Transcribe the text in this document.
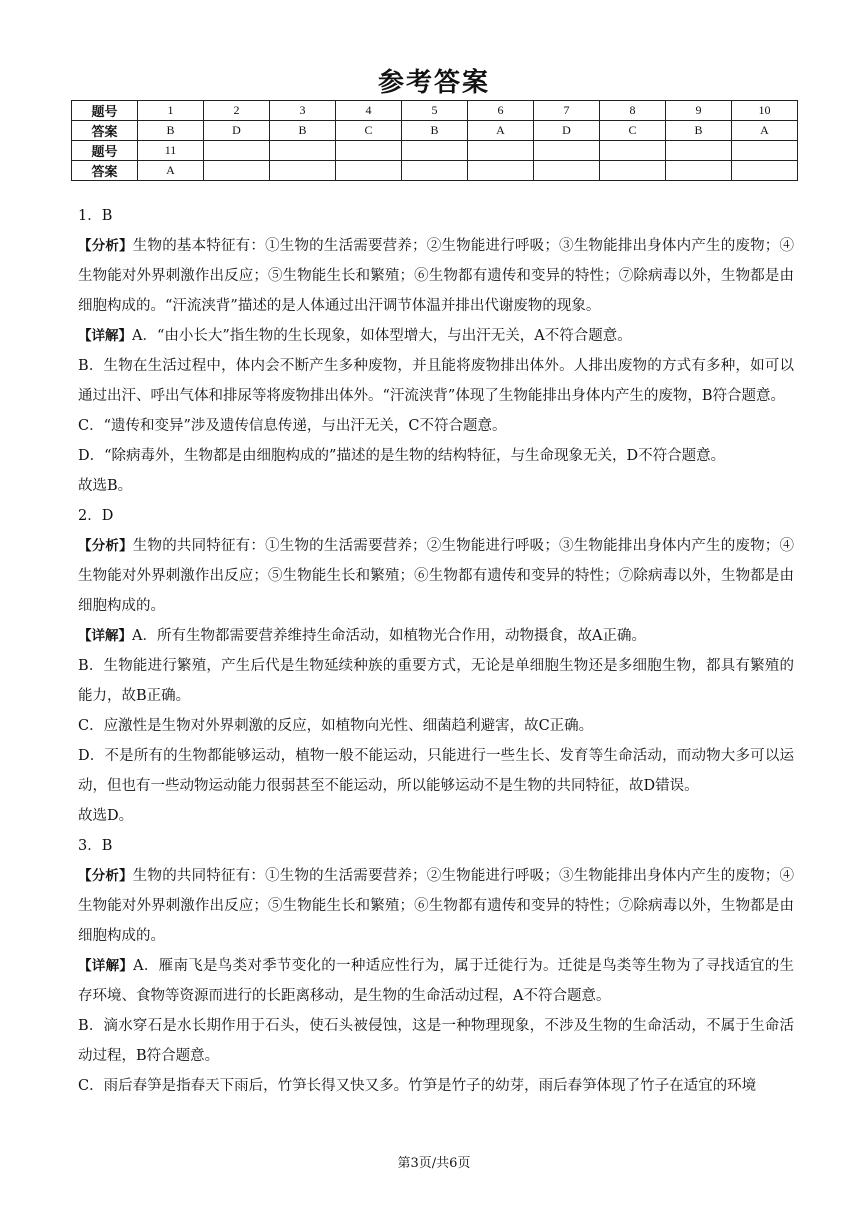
参考答案
题号	1	2	3	4	5	6	7	8	9	10
答案	B	D	B	C	B	A	D	C	B	A
题号	11									
答案	A									

1．B

【分析】生物的基本特征有：①生物的生活需要营养；②生物能进行呼吸；③生物能排出身体内产生的废物；④生物能对外界刺激作出反应；⑤生物能生长和繁殖；⑥生物都有遗传和变异的特性；⑦除病毒以外，生物都是由细胞构成的。“汗流浃背”描述的是人体通过出汗调节体温并排出代谢废物的现象。

【详解】A．“由小长大”指生物的生长现象，如体型增大，与出汗无关，A不符合题意。

B．生物在生活过程中，体内会不断产生多种废物，并且能将废物排出体外。人排出废物的方式有多种，如可以通过出汗、呼出气体和排尿等将废物排出体外。“汗流浃背”体现了生物能排出身体内产生的废物，B符合题意。

C．“遗传和变异”涉及遗传信息传递，与出汗无关，C不符合题意。

D．“除病毒外，生物都是由细胞构成的”描述的是生物的结构特征，与生命现象无关，D不符合题意。

故选B。

2．D

【分析】生物的共同特征有：①生物的生活需要营养；②生物能进行呼吸；③生物能排出身体内产生的废物；④生物能对外界刺激作出反应；⑤生物能生长和繁殖；⑥生物都有遗传和变异的特性；⑦除病毒以外，生物都是由细胞构成的。

【详解】A．所有生物都需要营养维持生命活动，如植物光合作用，动物摄食，故A正确。

B．生物能进行繁殖，产生后代是生物延续种族的重要方式，无论是单细胞生物还是多细胞生物，都具有繁殖的能力，故B正确。

C．应激性是生物对外界刺激的反应，如植物向光性、细菌趋利避害，故C正确。

D．不是所有的生物都能够运动，植物一般不能运动，只能进行一些生长、发育等生命活动，而动物大多可以运动，但也有一些动物运动能力很弱甚至不能运动，所以能够运动不是生物的共同特征，故D错误。

故选D。

3．B

【分析】生物的共同特征有：①生物的生活需要营养；②生物能进行呼吸；③生物能排出身体内产生的废物；④生物能对外界刺激作出反应；⑤生物能生长和繁殖；⑥生物都有遗传和变异的特性；⑦除病毒以外，生物都是由细胞构成的。

【详解】A．雁南飞是鸟类对季节变化的一种适应性行为，属于迁徙行为。迁徙是鸟类等生物为了寻找适宜的生存环境、食物等资源而进行的长距离移动，是生物的生命活动过程，A不符合题意。

B．滴水穿石是水长期作用于石头，使石头被侵蚀，这是一种物理现象，不涉及生物的生命活动，不属于生命活动过程，B符合题意。

C．雨后春笋是指春天下雨后，竹笋长得又快又多。竹笋是竹子的幼芽，雨后春笋体现了竹子在适宜的环境

第3页/共6页
